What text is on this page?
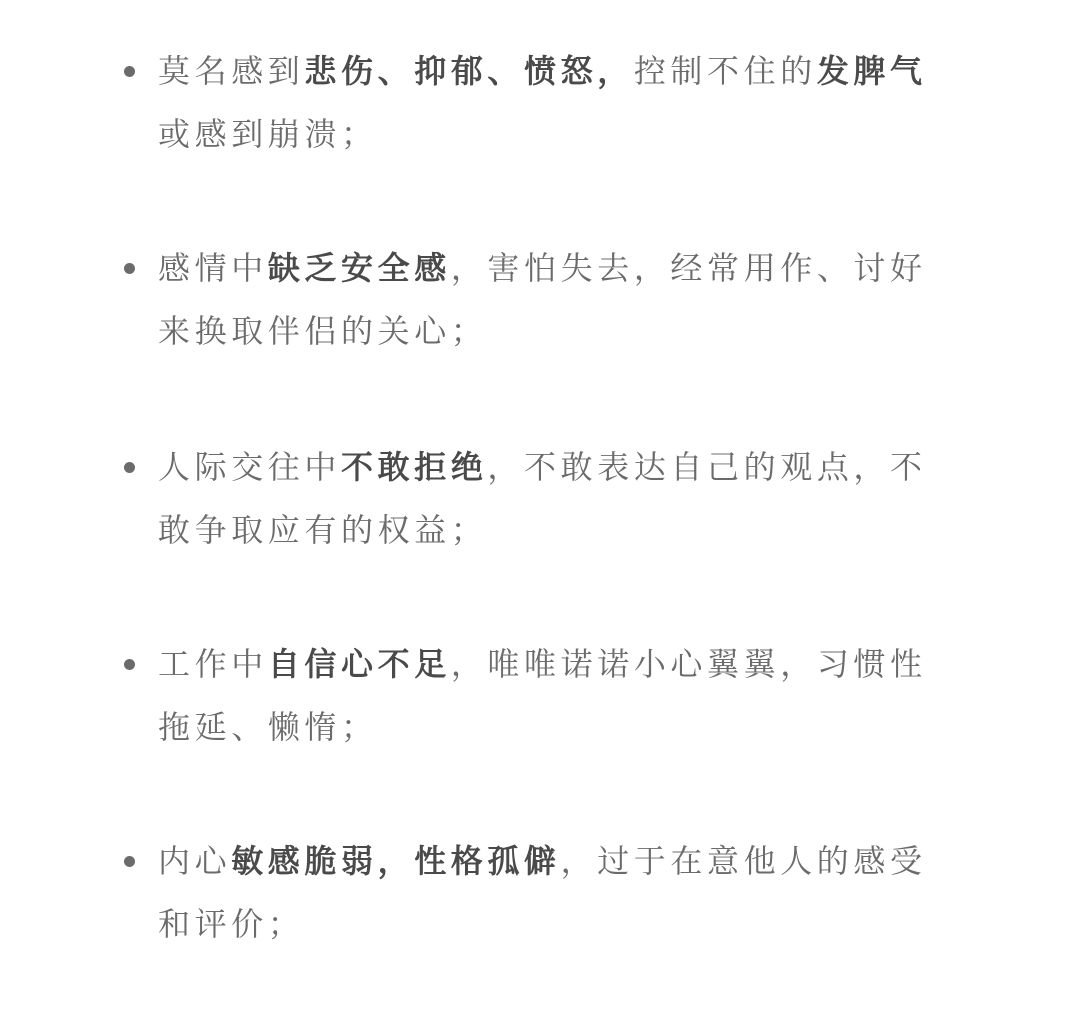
莫名感到悲伤、抑郁、愤怒，控制不住的发脾气
或感到崩溃；
感情中缺乏安全感，害怕失去，经常用作、讨好
来换取伴侣的关心；
人际交往中不敢拒绝，不敢表达自己的观点，不
敢争取应有的权益；
工作中自信心不足，唯唯诺诺小心翼翼，习惯性
拖延、懒惰；
内心敏感脆弱，性格孤僻，过于在意他人的感受
和评价；
